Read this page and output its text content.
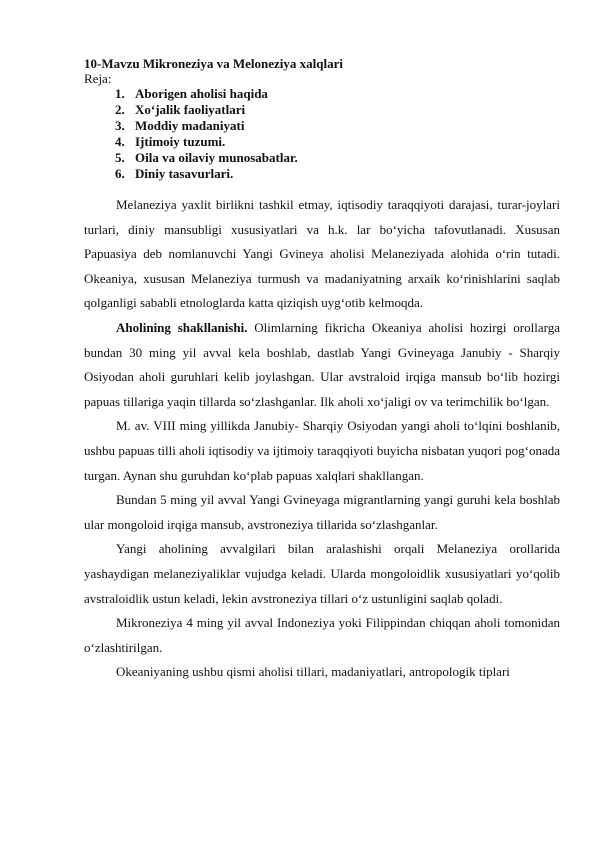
10-Mavzu Mikroneziya va Meloneziya xalqlari
Reja:
1. Aborigen aholisi haqida
2. Xo‘jalik faoliyatlari
3. Moddiy madaniyati
4. Ijtimoiy tuzumi.
5. Oila va oilaviy munosabatlar.
6. Diniy tasavurlari.

Melaneziya yaxlit birlikni tashkil etmay, iqtisodiy taraqqiyoti darajasi, turar-joylari turlari, diniy mansubligi xususiyatlari va h.k. lar bo‘yicha tafovutlanadi. Xususan Papuasiya deb nomlanuvchi Yangi Gvineya aholisi Melaneziyada alohida o‘rin tutadi. Okeaniya, xususan Melaneziya turmush va madaniyatning arxaik ko‘rinishlarini saqlab qolganligi sababli etnologlarda katta qiziqish uyg‘otib kelmoqda.

Aholining shakllanishi. Olimlarning fikricha Okeaniya aholisi hozirgi orollarga bundan 30 ming yil avval kela boshlab, dastlab Yangi Gvineyaga Janubiy - Sharqiy Osiyodan aholi guruhlari kelib joylashgan. Ular avstraloid irqiga mansub bo‘lib hozirgi papuas tillariga yaqin tillarda so‘zlashganlar. Ilk aholi xo‘jaligi ov va terimchilik bo‘lgan.

M. av. VIII ming yillikda Janubiy- Sharqiy Osiyodan yangi aholi to‘lqini boshlanib, ushbu papuas tilli aholi iqtisodiy va ijtimoiy taraqqiyoti buyicha nisbatan yuqori pog‘onada turgan. Aynan shu guruhdan ko‘plab papuas xalqlari shakllangan.

Bundan 5 ming yil avval Yangi Gvineyaga migrantlarning yangi guruhi kela boshlab ular mongoloid irqiga mansub, avstroneziya tillarida so‘zlashganlar.

Yangi aholining avvalgilari bilan aralashishi orqali Melaneziya orollarida yashaydigan melaneziyaliklar vujudga keladi. Ularda mongoloidlik xususiyatlari yo‘qolib avstraloidlik ustun keladi, lekin avstroneziya tillari o‘z ustunligini saqlab qoladi.

Mikroneziya 4 ming yil avval Indoneziya yoki Filippindan chiqqan aholi tomonidan o‘zlashtirilgan.

Okeaniyaning ushbu qismi aholisi tillari, madaniyatlari, antropologik tiplari
